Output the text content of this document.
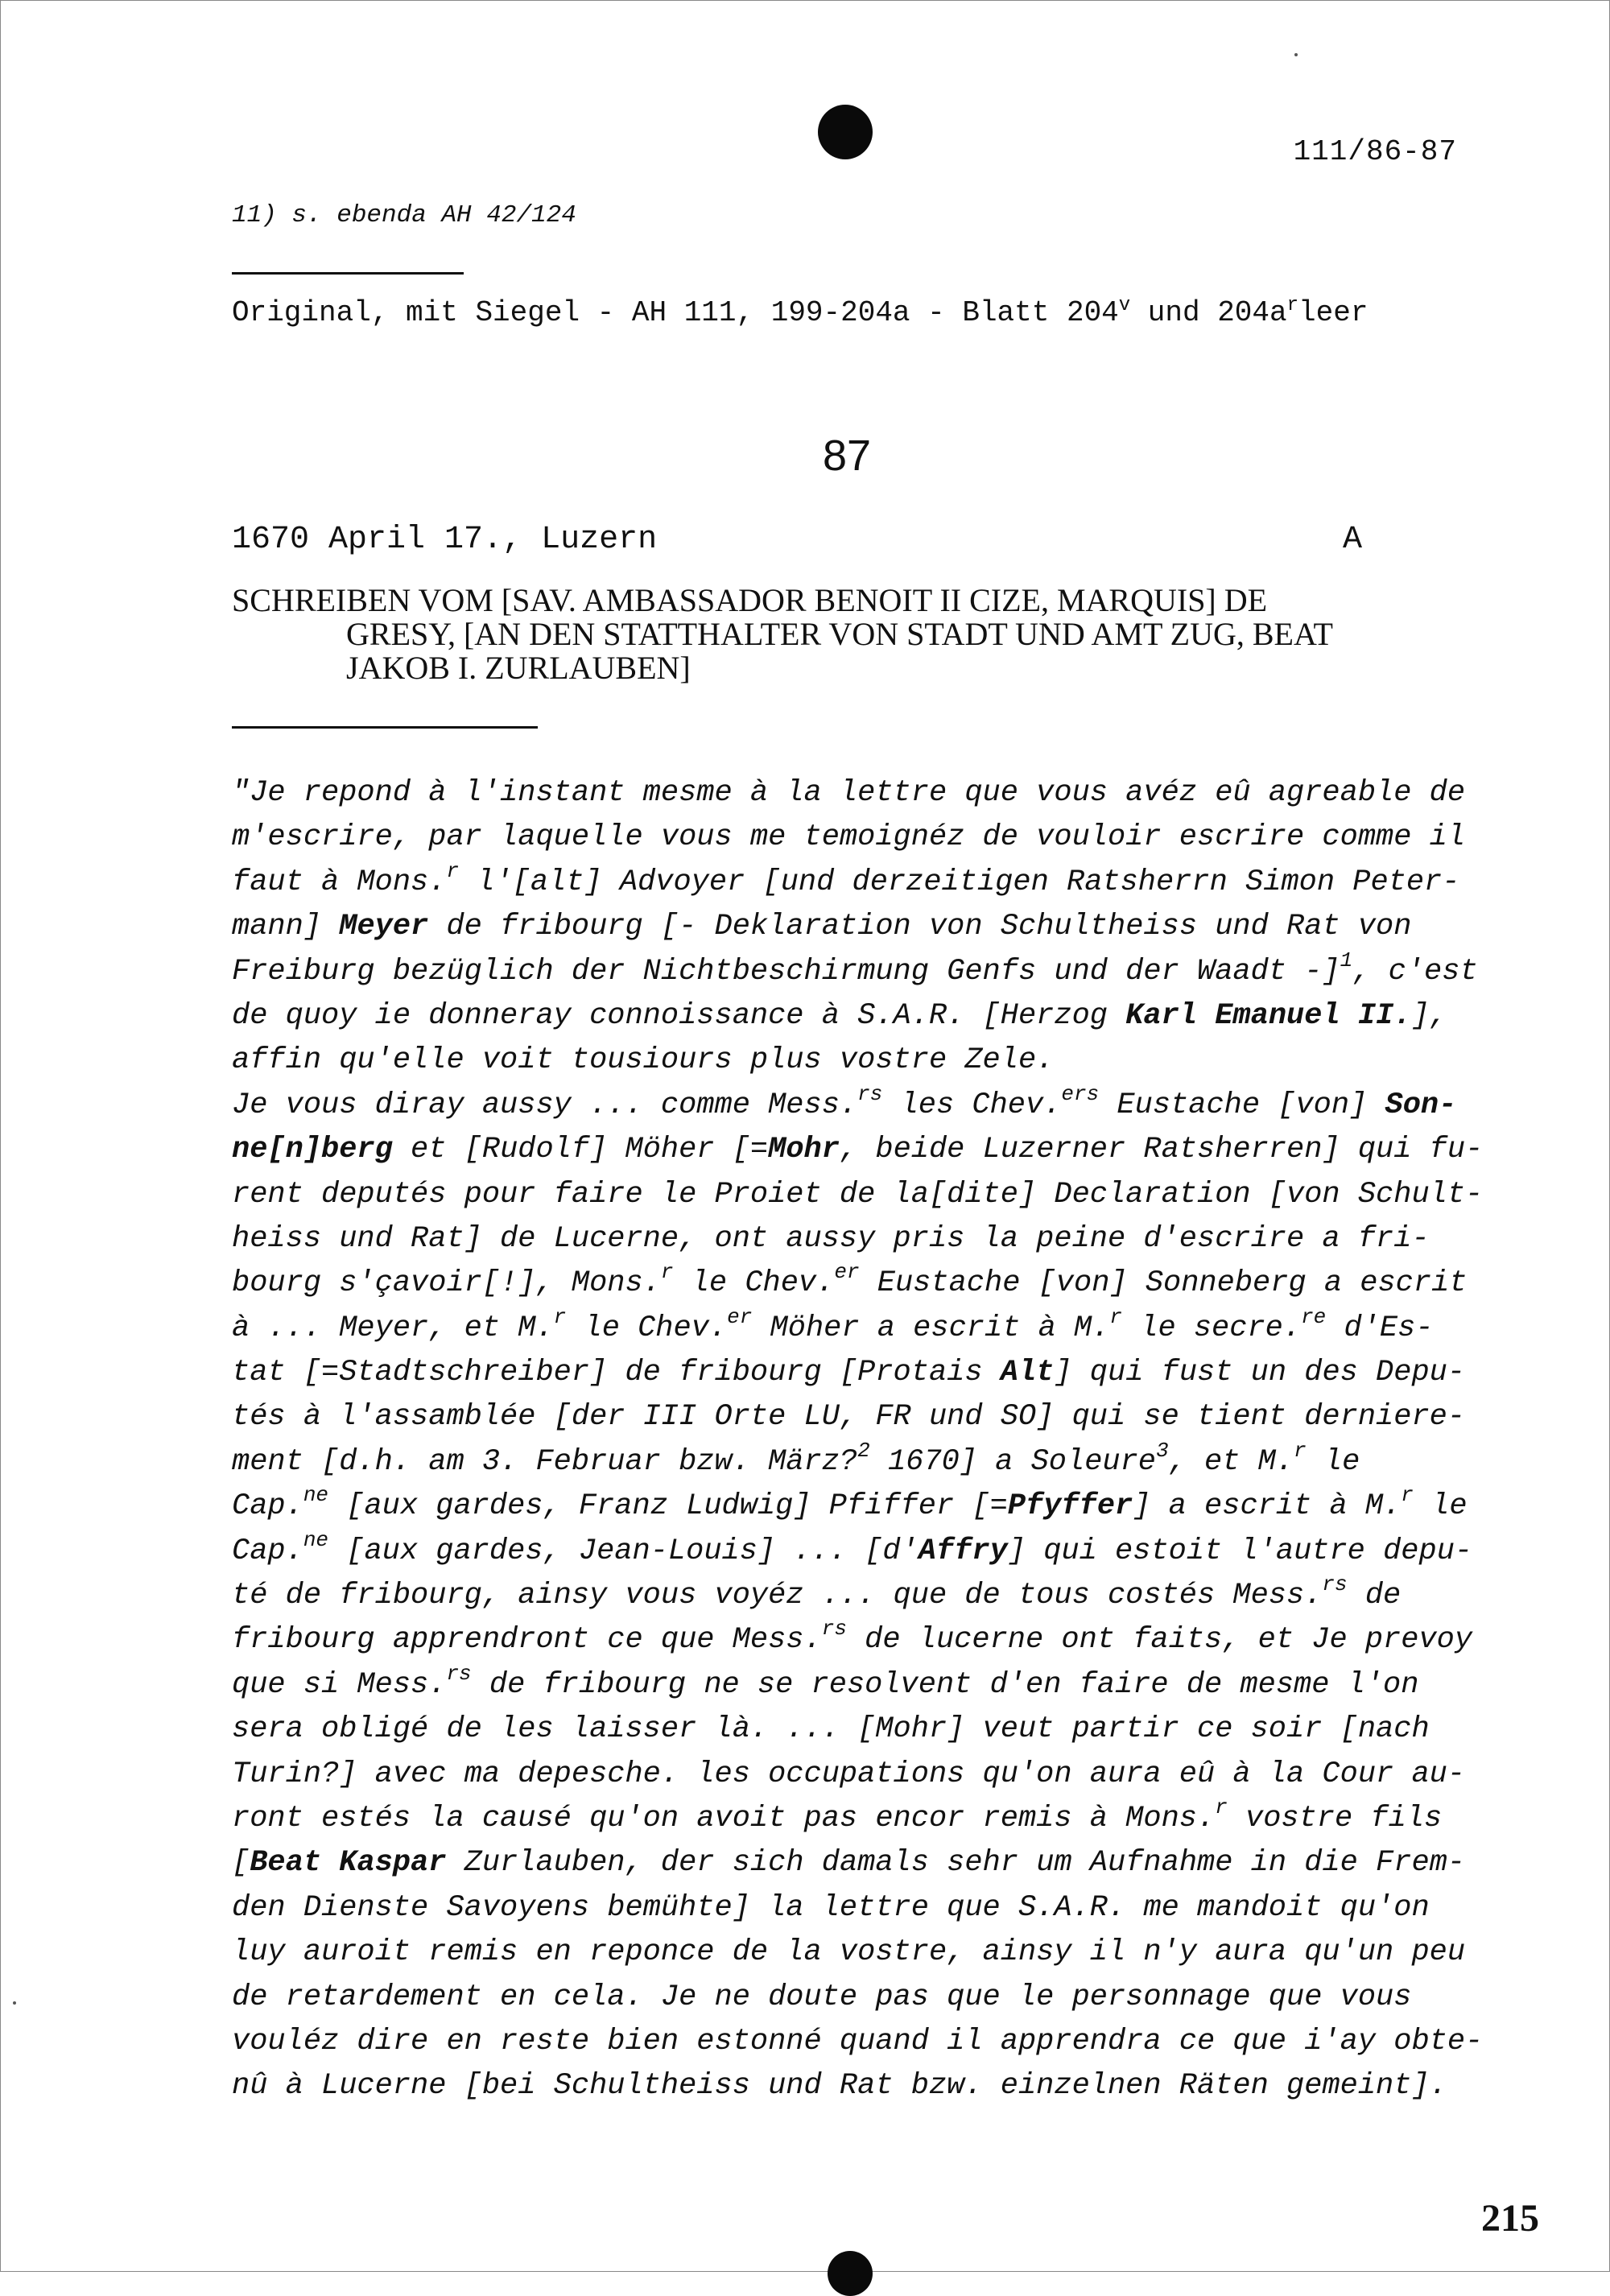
111/86-87
11) s. ebenda AH 42/124
Original, mit Siegel - AH 111, 199-204a - Blatt 204$^v$ und $204a^rleer$
87
1670 April 17., Luzern	A
SCHREIBEN VOM [SAV. AMBASSADOR BENOIT II CIZE, MARQUIS] DE
GRESY, [AN DEN STATTHALTER VON STADT UND AMT ZUG, BEAT
JAKOB I. ZURLAUBEN]
"Je repond à l'instant mesme à la lettre que vous avéz eû agreable de
m'escrire, par laquelle vous me temoignéz de vouloir escrire comme il
faut à Mons.$^r$ l'[alt] Advoyer [und derzeitigen Ratsherrn Simon Peter-
mann] Meyer de fribourg [- Deklaration von Schultheiss und Rat von
Freiburg bezüglich der Nichtbeschirmung Genfs und der Waadt -]$^1$, c'est
de quoy ie donneray connoissance à S.A.R. [Herzog Karl Emanuel II.],
affin qu'elle voit tousiours plus vostre Zele.
Je vous diray aussy ... comme Mess.$^{rs}$ les Chev.$^{ers}$ Eustache [von] Son-
ne[n]berg et [Rudolf] Möher [=Mohr, beide Luzerner Ratsherren] qui fu-
rent deputés pour faire le Proiet de la[dite] Declaration [von Schult-
heiss und Rat] de Lucerne, ont aussy pris la peine d'escrire a fri-
bourg s'çavoir[!], Mons.$^r$ le Chev.$^{er}$ Eustache [von] Sonneberg a escrit
à ... Meyer, et M.$^r$ le Chev.$^{er}$ Möher a escrit à M.$^r$ le secre.$^{re}$ d'Es-
tat [=Stadtschreiber] de fribourg [Protais Alt] qui fust un des Depu-
tés à l'assamblée [der III Orte LU, FR und SO] qui se tient derniere-
ment [d.h. am 3. Februar bzw. März?$^2$ 1670] a Soleure$^3$, et M.$^r$ le
Cap.$^{ne}$ [aux gardes, Franz Ludwig] Pfiffer [=Pfyffer] a escrit à M.$^r$ le
Cap.$^{ne}$ [aux gardes, Jean-Louis] ... [d'Affry] qui estoit l'autre depu-
té de fribourg, ainsy vous voyéz ... que de tous costés Mess.$^{rs}$ de
fribourg apprendront ce que Mess.$^{rs}$ de lucerne ont faits, et Je prevoy
que si Mess.$^{rs}$ de fribourg ne se resolvent d'en faire de mesme l'on
sera obligé de les laisser là. ... [Mohr] veut partir ce soir [nach
Turin?] avec ma depesche. les occupations qu'on aura eû à la Cour au-
ront estés la causé qu'on avoit pas encor remis à Mons.$^r$ vostre fils
[Beat Kaspar Zurlauben, der sich damals sehr um Aufnahme in die Frem-
den Dienste Savoyens bemühte] la lettre que S.A.R. me mandoit qu'on
luy auroit remis en reponce de la vostre, ainsy il n'y aura qu'un peu
de retardement en cela. Je ne doute pas que le personnage que vous
vouléz dire en reste bien estonné quand il apprendra ce que i'ay obte-
nû à Lucerne [bei Schultheiss und Rat bzw. einzelnen Räten gemeint].
215
